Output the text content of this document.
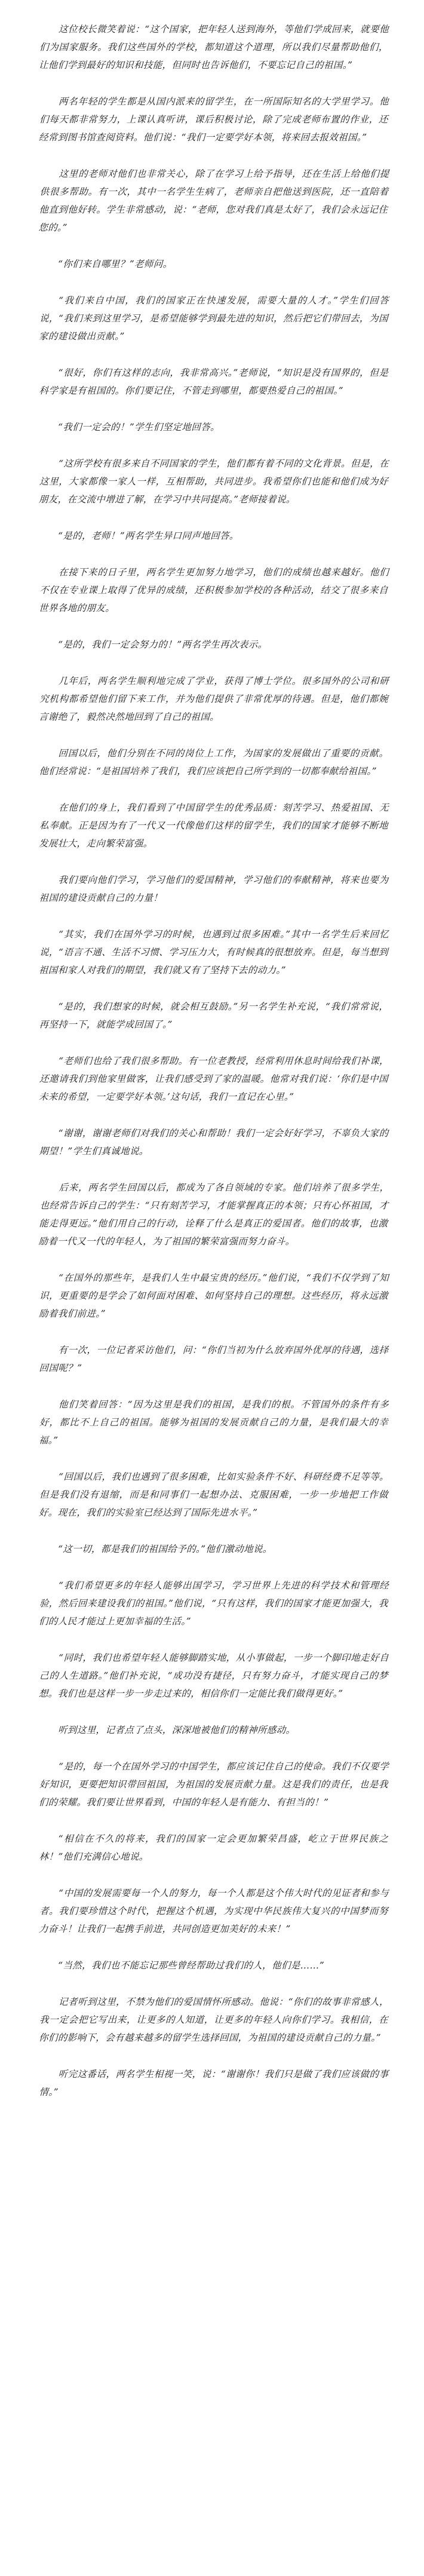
这位校长微笑着说：“这个国家，把年轻人送到海外，等他们学成回来，就要他们为国家服务。我们这些国外的学校，都知道这个道理，所以我们尽量帮助他们，让他们学到最好的知识和技能，但同时也告诉他们，不要忘记自己的祖国。”

两名年轻的学生都是从国内派来的留学生，在一所国际知名的大学里学习。他们每天都非常努力，上课认真听讲，课后积极讨论，除了完成老师布置的作业，还经常到图书馆查阅资料。他们说：“我们一定要学好本领，将来回去报效祖国。”

这里的老师对他们也非常关心，除了在学习上给予指导，还在生活上给他们提供很多帮助。有一次，其中一名学生生病了，老师亲自把他送到医院，还一直陪着他直到他好转。学生非常感动，说：“老师，您对我们真是太好了，我们会永远记住您的。”

“你们来自哪里？”老师问。

“我们来自中国，我们的国家正在快速发展，需要大量的人才。”学生们回答说，“我们来到这里学习，是希望能够学到最先进的知识，然后把它们带回去，为国家的建设做出贡献。”

“很好，你们有这样的志向，我非常高兴。”老师说，“知识是没有国界的，但是科学家是有祖国的。你们要记住，不管走到哪里，都要热爱自己的祖国。”

“我们一定会的！”学生们坚定地回答。

“这所学校有很多来自不同国家的学生，他们都有着不同的文化背景。但是，在这里，大家都像一家人一样，互相帮助，共同进步。我希望你们也能和他们成为好朋友，在交流中增进了解，在学习中共同提高。”老师接着说。

“是的，老师！”两名学生异口同声地回答。

在接下来的日子里，两名学生更加努力地学习，他们的成绩也越来越好。他们不仅在专业课上取得了优异的成绩，还积极参加学校的各种活动，结交了很多来自世界各地的朋友。

“是的，我们一定会努力的！”两名学生再次表示。

几年后，两名学生顺利地完成了学业，获得了博士学位。很多国外的公司和研究机构都希望他们留下来工作，并为他们提供了非常优厚的待遇。但是，他们都婉言谢绝了，毅然决然地回到了自己的祖国。

回国以后，他们分别在不同的岗位上工作，为国家的发展做出了重要的贡献。他们经常说：“是祖国培养了我们，我们应该把自己所学到的一切都奉献给祖国。”

在他们的身上，我们看到了中国留学生的优秀品质：刻苦学习、热爱祖国、无私奉献。正是因为有了一代又一代像他们这样的留学生，我们的国家才能够不断地发展壮大，走向繁荣富强。

我们要向他们学习，学习他们的爱国精神，学习他们的奉献精神，将来也要为祖国的建设贡献自己的力量！

“其实，我们在国外学习的时候，也遇到过很多困难。”其中一名学生后来回忆说，“语言不通、生活不习惯、学习压力大，有时候真的很想放弃。但是，每当想到祖国和家人对我们的期望，我们就又有了坚持下去的动力。”

“是的，我们想家的时候，就会相互鼓励。”另一名学生补充说，“我们常常说，再坚持一下，就能学成回国了。”

“老师们也给了我们很多帮助。有一位老教授，经常利用休息时间给我们补课，还邀请我们到他家里做客，让我们感受到了家的温暖。他常对我们说：‘你们是中国未来的希望，一定要学好本领。’这句话，我们一直记在心里。”

“谢谢，谢谢老师们对我们的关心和帮助！我们一定会好好学习，不辜负大家的期望！”学生们真诚地说。

后来，两名学生回国以后，都成为了各自领域的专家。他们培养了很多学生，也经常告诉自己的学生：“只有刻苦学习，才能掌握真正的本领；只有心怀祖国，才能走得更远。”他们用自己的行动，诠释了什么是真正的爱国者。他们的故事，也激励着一代又一代的年轻人，为了祖国的繁荣富强而努力奋斗。

“在国外的那些年，是我们人生中最宝贵的经历。”他们说，“我们不仅学到了知识，更重要的是学会了如何面对困难、如何坚持自己的理想。这些经历，将永远激励着我们前进。”

有一次，一位记者采访他们，问：“你们当初为什么放弃国外优厚的待遇，选择回国呢？”

他们笑着回答：“因为这里是我们的祖国，是我们的根。不管国外的条件有多好，都比不上自己的祖国。能够为祖国的发展贡献自己的力量，是我们最大的幸福。”

“回国以后，我们也遇到了很多困难，比如实验条件不好、科研经费不足等等。但是我们没有退缩，而是和同事们一起想办法、克服困难，一步一步地把工作做好。现在，我们的实验室已经达到了国际先进水平。”

“这一切，都是我们的祖国给予的。”他们激动地说。

“我们希望更多的年轻人能够出国学习，学习世界上先进的科学技术和管理经验，然后回来建设我们的祖国。”他们说，“只有这样，我们的国家才能更加强大，我们的人民才能过上更加幸福的生活。”

“同时，我们也希望年轻人能够脚踏实地，从小事做起，一步一个脚印地走好自己的人生道路。”他们补充说，“成功没有捷径，只有努力奋斗，才能实现自己的梦想。我们也是这样一步一步走过来的，相信你们一定能比我们做得更好。”

听到这里，记者点了点头，深深地被他们的精神所感动。

“是的，每一个在国外学习的中国学生，都应该记住自己的使命。我们不仅要学好知识，更要把知识带回祖国，为祖国的发展贡献力量。这是我们的责任，也是我们的荣耀。我们要让世界看到，中国的年轻人是有能力、有担当的！”

“相信在不久的将来，我们的国家一定会更加繁荣昌盛，屹立于世界民族之林！”他们充满信心地说。

“中国的发展需要每一个人的努力，每一个人都是这个伟大时代的见证者和参与者。我们要珍惜这个时代，把握这个机遇，为实现中华民族伟大复兴的中国梦而努力奋斗！让我们一起携手前进，共同创造更加美好的未来！”

“当然，我们也不能忘记那些曾经帮助过我们的人，他们是……”

记者听到这里，不禁为他们的爱国情怀所感动。他说：“你们的故事非常感人，我一定会把它写出来，让更多的人知道，让更多的年轻人向你们学习。我相信，在你们的影响下，会有越来越多的留学生选择回国，为祖国的建设贡献自己的力量。”

听完这番话，两名学生相视一笑，说：“谢谢你！我们只是做了我们应该做的事情。”
